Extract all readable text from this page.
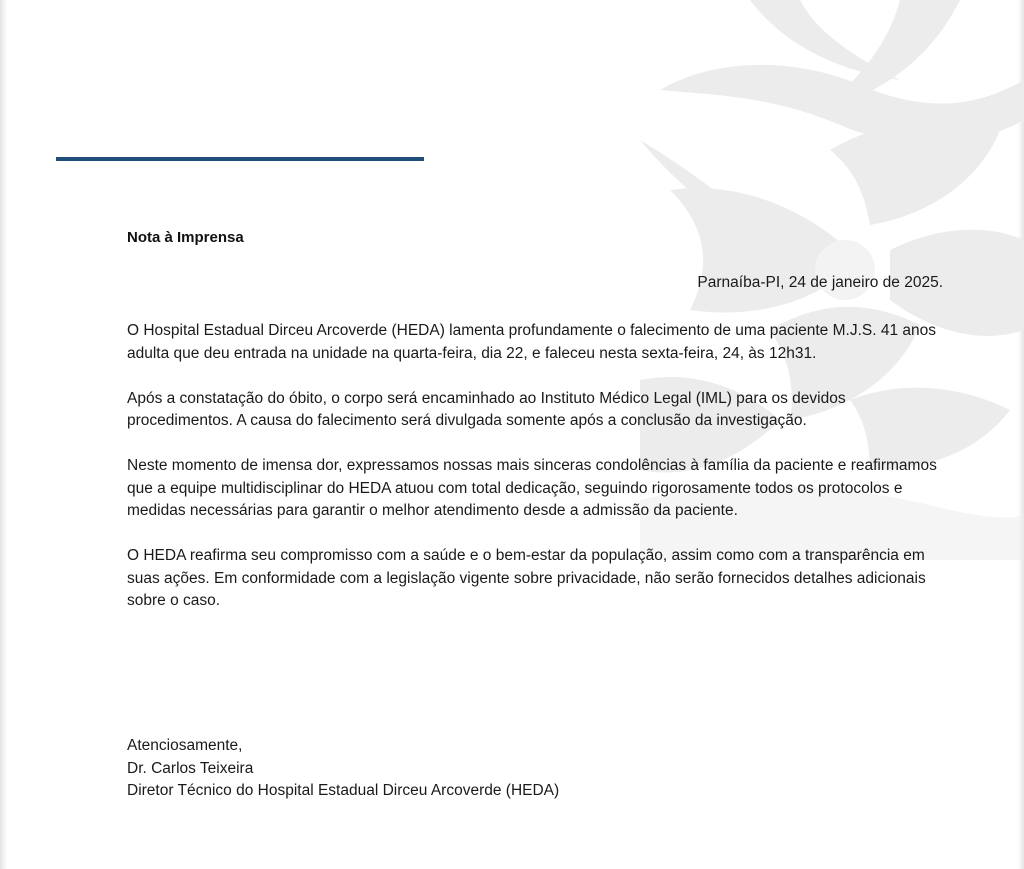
Nota à Imprensa
Parnaíba-PI, 24 de janeiro de 2025.

O Hospital Estadual Dirceu Arcoverde (HEDA) lamenta profundamente o falecimento de uma paciente M.J.S. 41 anos adulta que deu entrada na unidade na quarta-feira, dia 22, e faleceu nesta sexta-feira, 24, às 12h31.

Após a constatação do óbito, o corpo será encaminhado ao Instituto Médico Legal (IML) para os devidos procedimentos. A causa do falecimento será divulgada somente após a conclusão da investigação.

Neste momento de imensa dor, expressamos nossas mais sinceras condolências à família da paciente e reafirmamos que a equipe multidisciplinar do HEDA atuou com total dedicação, seguindo rigorosamente todos os protocolos e medidas necessárias para garantir o melhor atendimento desde a admissão da paciente.

O HEDA reafirma seu compromisso com a saúde e o bem-estar da população, assim como com a transparência em suas ações. Em conformidade com a legislação vigente sobre privacidade, não serão fornecidos detalhes adicionais sobre o caso.

Atenciosamente,
Dr. Carlos Teixeira
Diretor Técnico do Hospital Estadual Dirceu Arcoverde (HEDA)
